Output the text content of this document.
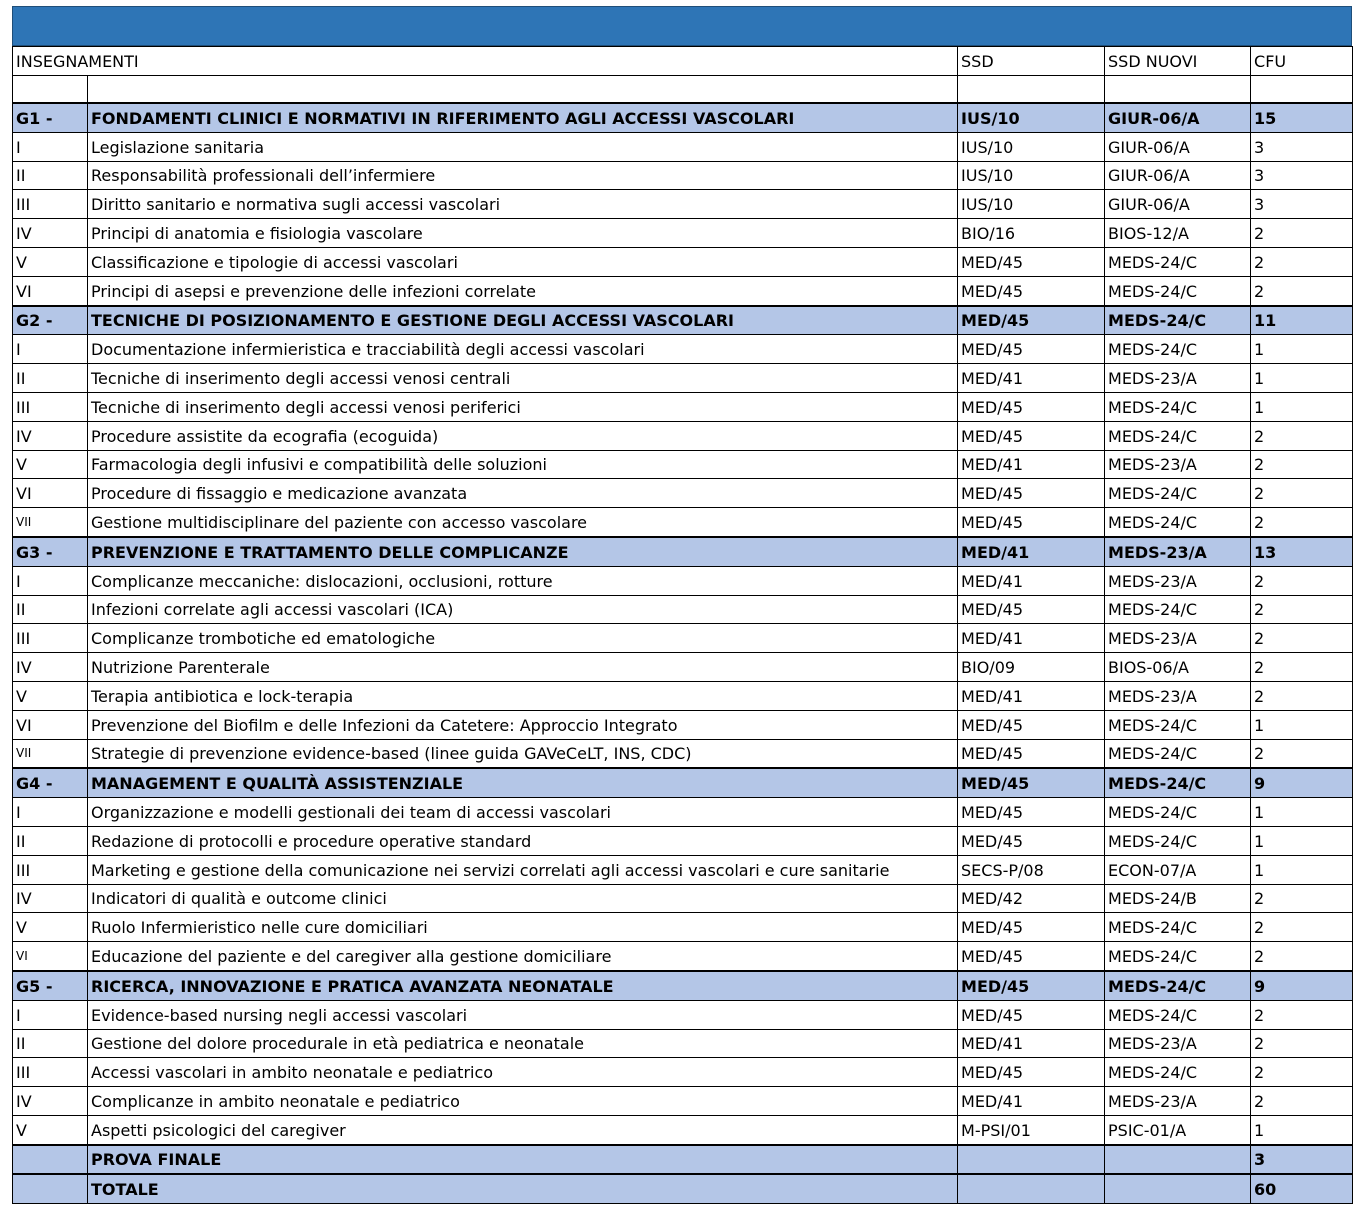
INSEGNAMENTI		SSD	SSD NUOVI	CFU

G1 -	FONDAMENTI CLINICI E NORMATIVI IN RIFERIMENTO AGLI ACCESSI VASCOLARI	IUS/10	GIUR-06/A	15
I	Legislazione sanitaria	IUS/10	GIUR-06/A	3
II	Responsabilità professionali dell’infermiere	IUS/10	GIUR-06/A	3
III	Diritto sanitario e normativa sugli accessi vascolari	IUS/10	GIUR-06/A	3
IV	Principi di anatomia e fisiologia vascolare	BIO/16	BIOS-12/A	2
V	Classificazione e tipologie di accessi vascolari	MED/45	MEDS-24/C	2
VI	Principi di asepsi e prevenzione delle infezioni correlate	MED/45	MEDS-24/C	2
G2 -	TECNICHE DI POSIZIONAMENTO E GESTIONE DEGLI ACCESSI VASCOLARI	MED/45	MEDS-24/C	11
I	Documentazione infermieristica e tracciabilità degli accessi vascolari	MED/45	MEDS-24/C	1
II	Tecniche di inserimento degli accessi venosi centrali	MED/41	MEDS-23/A	1
III	Tecniche di inserimento degli accessi venosi periferici	MED/45	MEDS-24/C	1
IV	Procedure assistite da ecografia (ecoguida)	MED/45	MEDS-24/C	2
V	Farmacologia degli infusivi e compatibilità delle soluzioni	MED/41	MEDS-23/A	2
VI	Procedure di fissaggio e medicazione avanzata	MED/45	MEDS-24/C	2
VII	Gestione multidisciplinare del paziente con accesso vascolare	MED/45	MEDS-24/C	2
G3 -	PREVENZIONE E TRATTAMENTO DELLE COMPLICANZE	MED/41	MEDS-23/A	13
I	Complicanze meccaniche: dislocazioni, occlusioni, rotture	MED/41	MEDS-23/A	2
II	Infezioni correlate agli accessi vascolari (ICA)	MED/45	MEDS-24/C	2
III	Complicanze trombotiche ed ematologiche	MED/41	MEDS-23/A	2
IV	Nutrizione Parenterale	BIO/09	BIOS-06/A	2
V	Terapia antibiotica e lock-terapia	MED/41	MEDS-23/A	2
VI	Prevenzione del Biofilm e delle Infezioni da Catetere: Approccio Integrato	MED/45	MEDS-24/C	1
VII	Strategie di prevenzione evidence-based (linee guida GAVeCeLT, INS, CDC)	MED/45	MEDS-24/C	2
G4 -	MANAGEMENT E QUALITÀ ASSISTENZIALE	MED/45	MEDS-24/C	9
I	Organizzazione e modelli gestionali dei team di accessi vascolari	MED/45	MEDS-24/C	1
II	Redazione di protocolli e procedure operative standard	MED/45	MEDS-24/C	1
III	Marketing e gestione della comunicazione nei servizi correlati agli accessi vascolari e cure sanitarie	SECS-P/08	ECON-07/A	1
IV	Indicatori di qualità e outcome clinici	MED/42	MEDS-24/B	2
V	Ruolo Infermieristico nelle cure domiciliari	MED/45	MEDS-24/C	2
VI	Educazione del paziente e del caregiver alla gestione domiciliare	MED/45	MEDS-24/C	2
G5 -	RICERCA, INNOVAZIONE E PRATICA AVANZATA NEONATALE	MED/45	MEDS-24/C	9
I	Evidence-based nursing negli accessi vascolari	MED/45	MEDS-24/C	2
II	Gestione del dolore procedurale in età pediatrica e neonatale	MED/41	MEDS-23/A	2
III	Accessi vascolari in ambito neonatale e pediatrico	MED/45	MEDS-24/C	2
IV	Complicanze in ambito neonatale e pediatrico	MED/41	MEDS-23/A	2
V	Aspetti psicologici del caregiver	M-PSI/01	PSIC-01/A	1
	PROVA FINALE			3
	TOTALE			60
